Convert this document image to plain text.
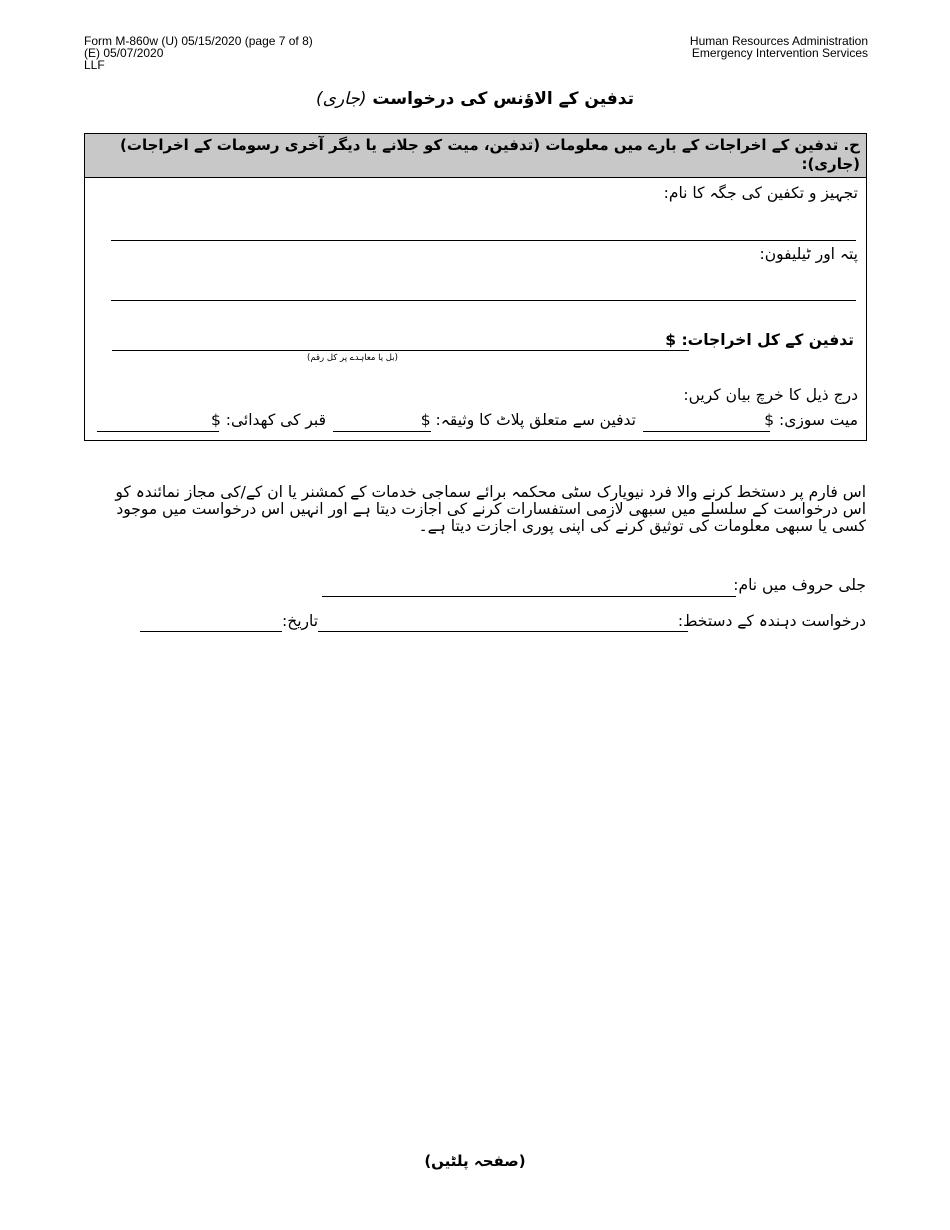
Form M-860w (U) 05/15/2020 (page 7 of 8)
(E) 05/07/2020
LLF
Human Resources Administration
Emergency Intervention Services
تدفین کے الاؤنس کی درخواست (جاری)
ح. تدفین کے اخراجات کے بارے میں معلومات (تدفین، میت کو جلانے یا دیگر آخری رسومات کے اخراجات) (جاری):
تجہیز و تکفین کی جگہ کا نام:
پتہ اور ٹیلیفون:
تدفین کے کل اخراجات: $
(بل یا معاہدے پر کل رقم)
درج ذیل کا خرچ بیان کریں:
میت سوزی: $
تدفین سے متعلق پلاٹ کا وثیقہ: $
قبر کی کھدائی: $
اس فارم پر دستخط کرنے والا فرد نیویارک سٹی محکمہ برائے سماجی خدمات کے کمشنر یا ان کے/کی مجاز نمائندہ کو اس درخواست کے سلسلے میں سبھی لازمی استفسارات کرنے کی اجازت دیتا ہے اور انہیں اس درخواست میں موجود کسی یا سبھی معلومات کی توثیق کرنے کی اپنی پوری اجازت دیتا ہے۔
جلی حروف میں نام:
درخواست دہندہ کے دستخط:
تاریخ:
(صفحہ پلٹیں)
